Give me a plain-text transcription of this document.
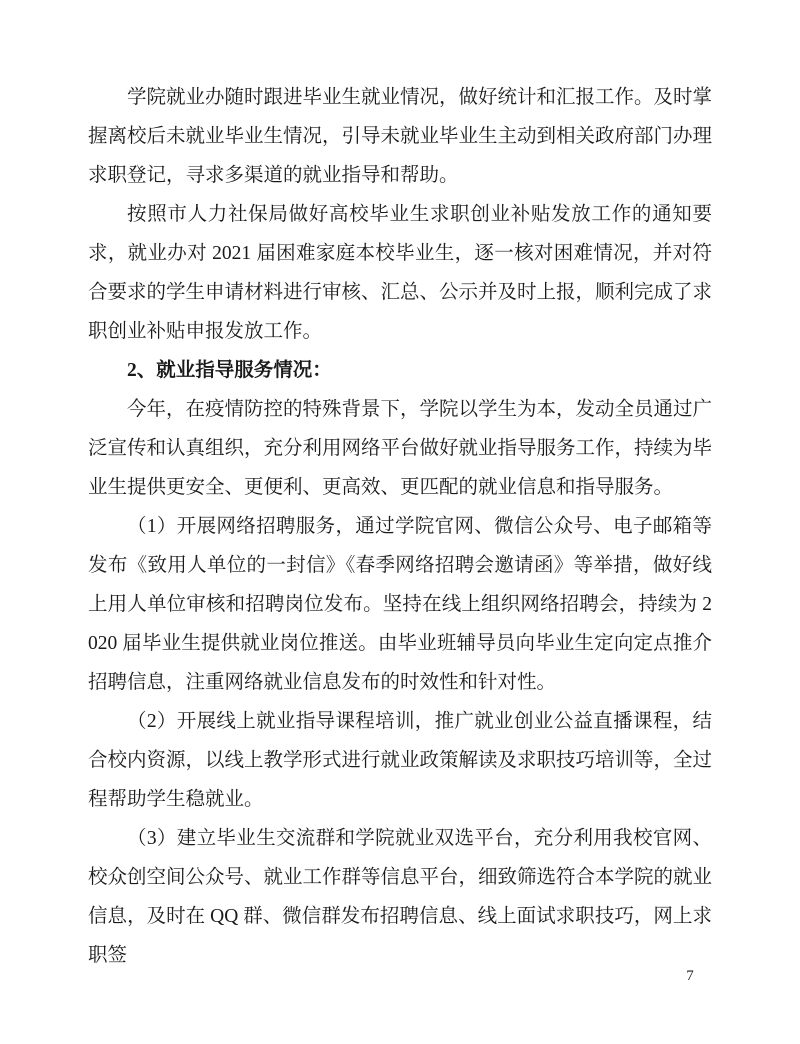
学院就业办随时跟进毕业生就业情况，做好统计和汇报工作。及时掌握离校后未就业毕业生情况，引导未就业毕业生主动到相关政府部门办理求职登记，寻求多渠道的就业指导和帮助。

按照市人力社保局做好高校毕业生求职创业补贴发放工作的通知要求，就业办对 2021 届困难家庭本校毕业生，逐一核对困难情况，并对符合要求的学生申请材料进行审核、汇总、公示并及时上报，顺利完成了求职创业补贴申报发放工作。

2、就业指导服务情况：

今年，在疫情防控的特殊背景下，学院以学生为本，发动全员通过广泛宣传和认真组织，充分利用网络平台做好就业指导服务工作，持续为毕业生提供更安全、更便利、更高效、更匹配的就业信息和指导服务。

（1）开展网络招聘服务，通过学院官网、微信公众号、电子邮箱等发布《致用人单位的一封信》《春季网络招聘会邀请函》等举措，做好线上用人单位审核和招聘岗位发布。坚持在线上组织网络招聘会，持续为 2020 届毕业生提供就业岗位推送。由毕业班辅导员向毕业生定向定点推介招聘信息，注重网络就业信息发布的时效性和针对性。

（2）开展线上就业指导课程培训，推广就业创业公益直播课程，结合校内资源，以线上教学形式进行就业政策解读及求职技巧培训等，全过程帮助学生稳就业。

（3）建立毕业生交流群和学院就业双选平台，充分利用我校官网、校众创空间公众号、就业工作群等信息平台，细致筛选符合本学院的就业信息，及时在 QQ 群、微信群发布招聘信息、线上面试求职技巧，网上求职签

7
